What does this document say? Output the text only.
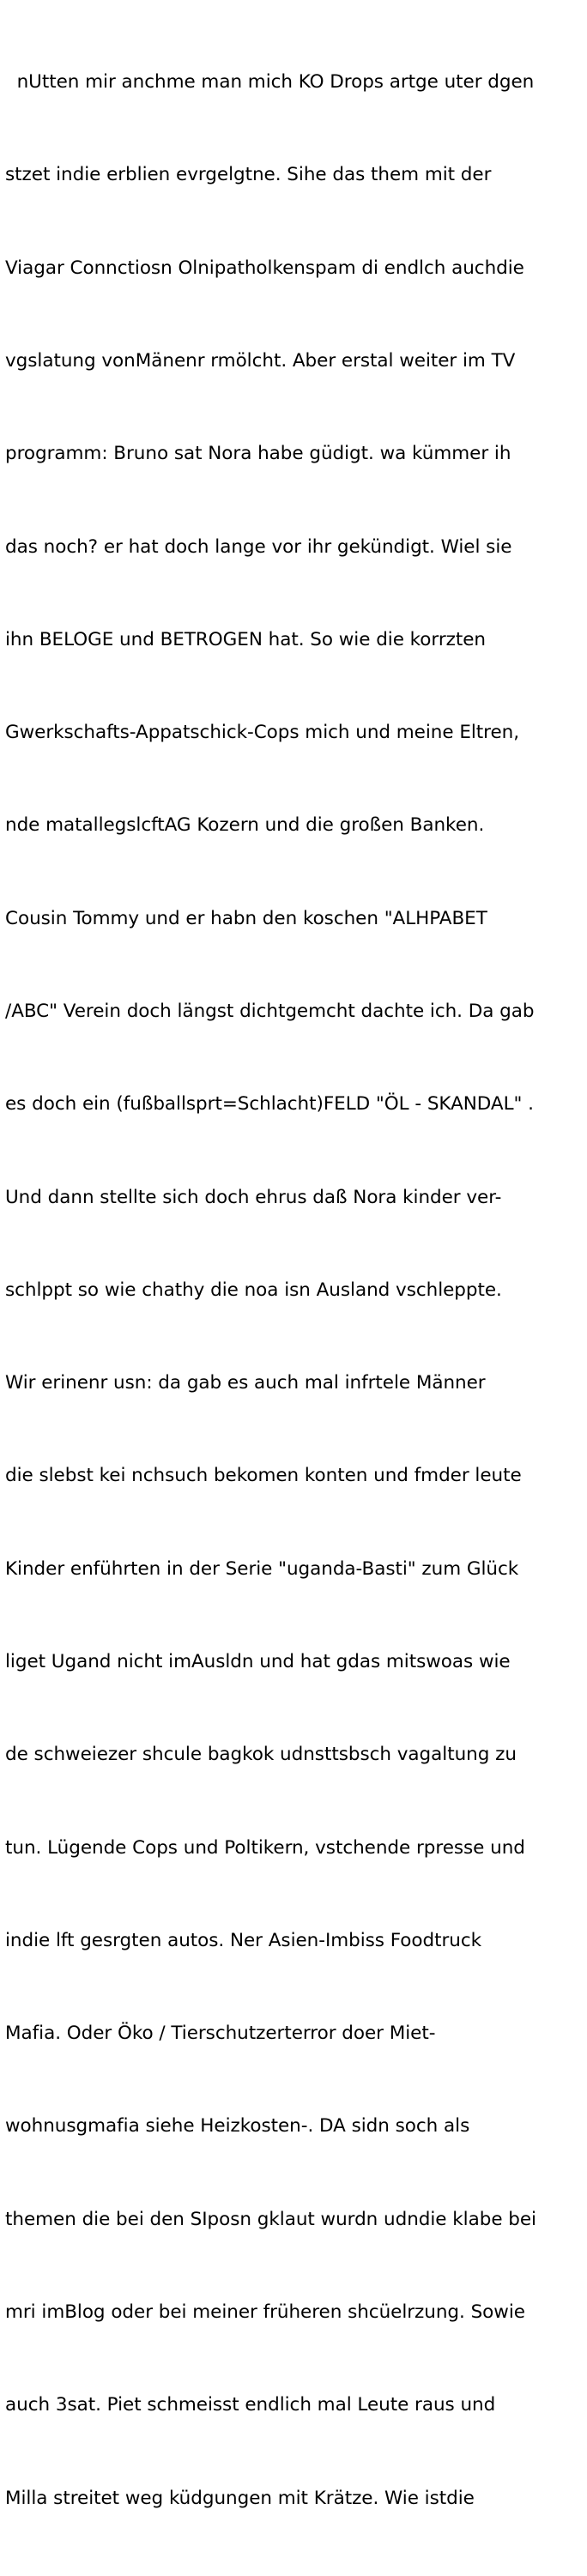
nUtten mir anchme man mich KO Drops artge uter dgen

stzet indie erblien evrgelgtne. Sihe das them mit der

Viagar Connctiosn Olnipatholkenspam di endlch auchdie

vgslatung vonMänenr rmölcht. Aber erstal weiter im TV

programm: Bruno sat Nora habe güdigt. wa kümmer ih

das noch? er hat doch lange vor ihr gekündigt. Wiel sie

ihn BELOGE und BETROGEN hat. So wie die korrzten

Gwerkschafts-Appatschick-Cops mich und meine Eltren,

nde matallegslcftAG Kozern und die großen Banken.

Cousin Tommy und er habn den koschen "ALHPABET

/ABC" Verein doch längst dichtgemcht dachte ich. Da gab

es doch ein (fußballsprt=Schlacht)FELD "ÖL - SKANDAL" .

Und dann stellte sich doch ehrus daß Nora kinder ver-

schlppt so wie chathy die noa isn Ausland vschleppte.

Wir erinenr usn: da gab es auch mal infrtele Männer

die slebst kei nchsuch bekomen konten und fmder leute

Kinder enführten in der Serie "uganda-Basti" zum Glück

liget Ugand nicht imAusldn und hat gdas mitswoas wie

de schweiezer shcule bagkok udnsttsbsch vagaltung zu

tun. Lügende Cops und Poltikern, vstchende rpresse und

indie lft gesrgten autos. Ner Asien-Imbiss Foodtruck

Mafia. Oder Öko / Tierschutzerterror doer Miet-

wohnusgmafia siehe Heizkosten-. DA sidn soch als

themen die bei den SIposn gklaut wurdn udndie klabe bei

mri imBlog oder bei meiner früheren shcüelrzung. Sowie

auch 3sat. Piet schmeisst endlich mal Leute raus und

Milla streitet weg küdgungen mit Krätze. Wie istdie
